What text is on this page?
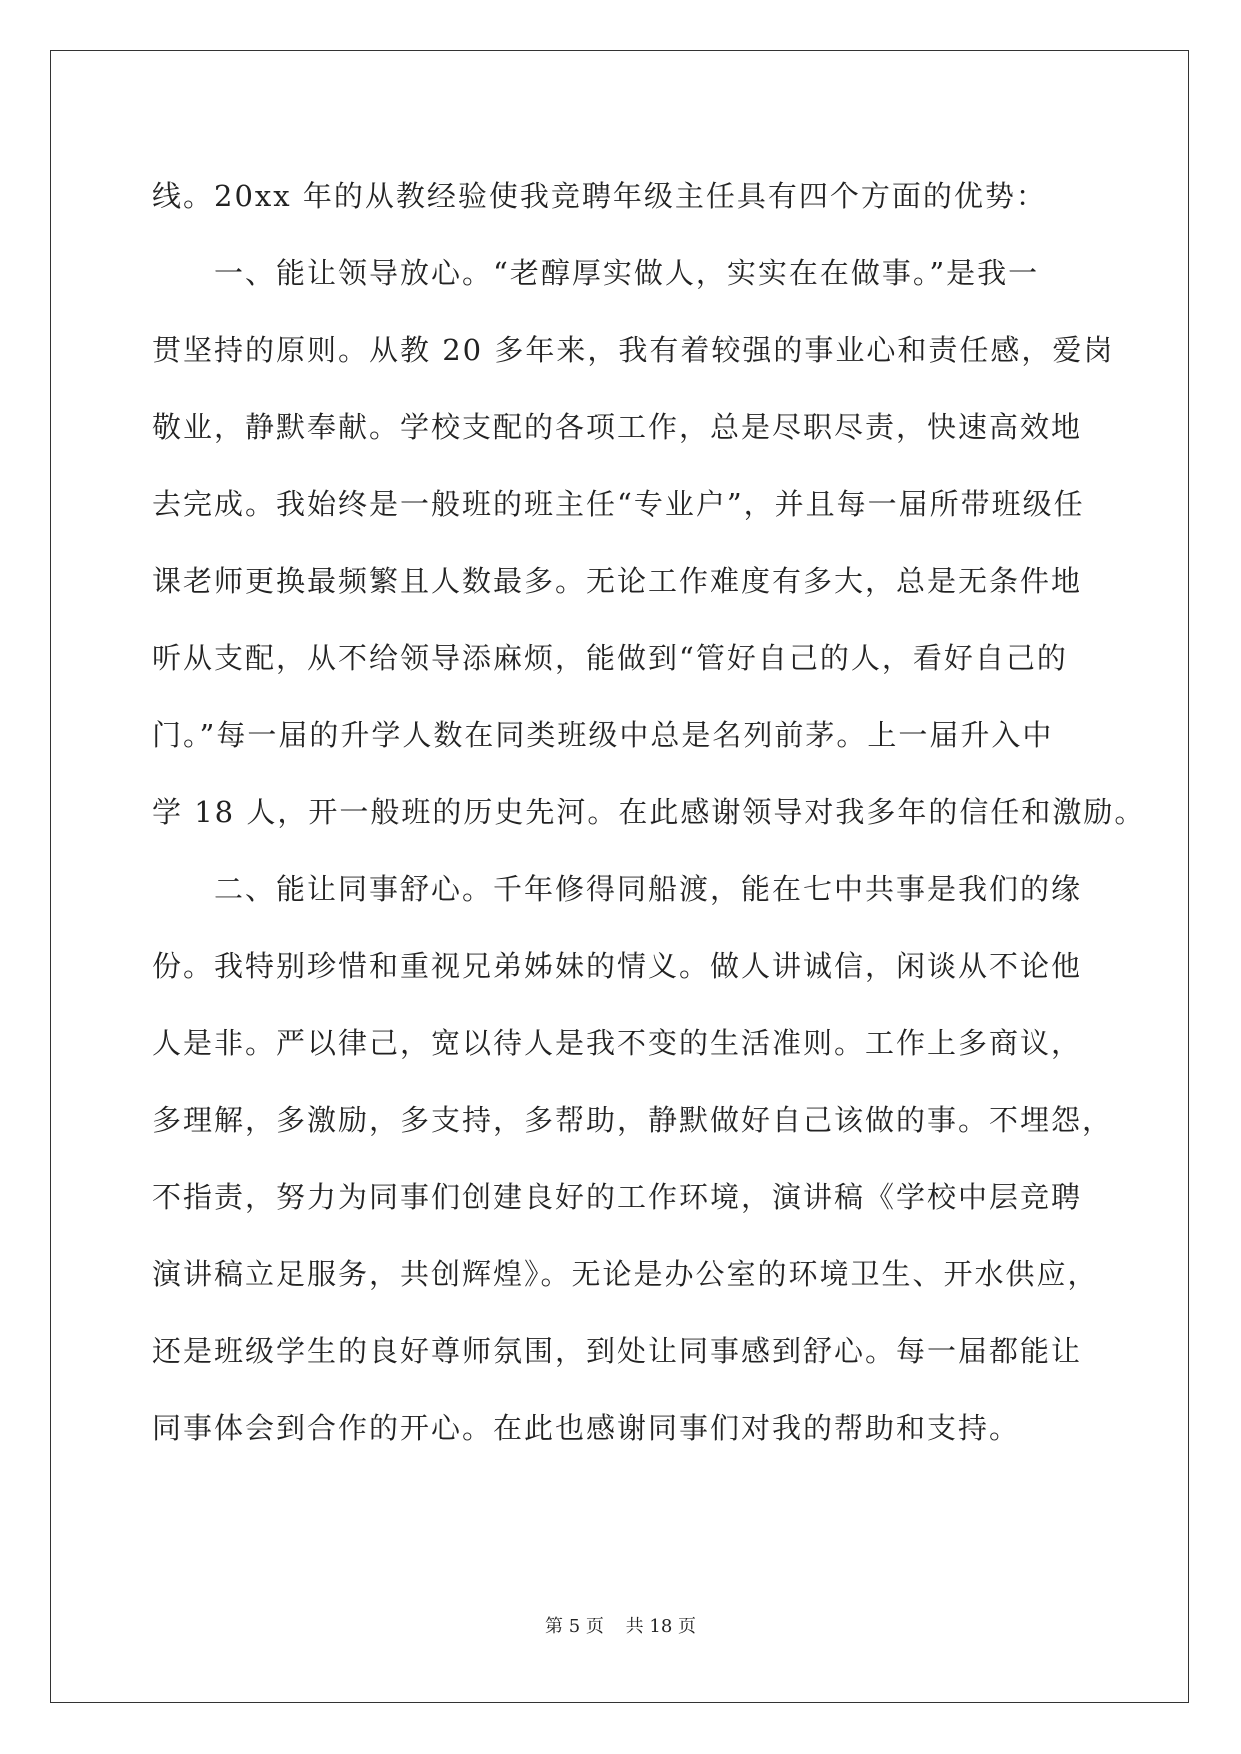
线。20xx 年的从教经验使我竞聘年级主任具有四个方面的优势：
　　一、能让领导放心。“老醇厚实做人，实实在在做事。”是我一
贯坚持的原则。从教 20 多年来，我有着较强的事业心和责任感，爱岗
敬业，静默奉献。学校支配的各项工作，总是尽职尽责，快速高效地
去完成。我始终是一般班的班主任“专业户”，并且每一届所带班级任
课老师更换最频繁且人数最多。无论工作难度有多大，总是无条件地
听从支配，从不给领导添麻烦，能做到“管好自己的人，看好自己的
门。”每一届的升学人数在同类班级中总是名列前茅。上一届升入中
学 18 人，开一般班的历史先河。在此感谢领导对我多年的信任和激励。
　　二、能让同事舒心。千年修得同船渡，能在七中共事是我们的缘
份。我特别珍惜和重视兄弟姊妹的情义。做人讲诚信，闲谈从不论他
人是非。严以律己，宽以待人是我不变的生活准则。工作上多商议，
多理解，多激励，多支持，多帮助，静默做好自己该做的事。不埋怨，
不指责，努力为同事们创建良好的工作环境，演讲稿《学校中层竞聘
演讲稿立足服务，共创辉煌》。无论是办公室的环境卫生、开水供应，
还是班级学生的良好尊师氛围，到处让同事感到舒心。每一届都能让
同事体会到合作的开心。在此也感谢同事们对我的帮助和支持。
第 5 页 共 18 页
